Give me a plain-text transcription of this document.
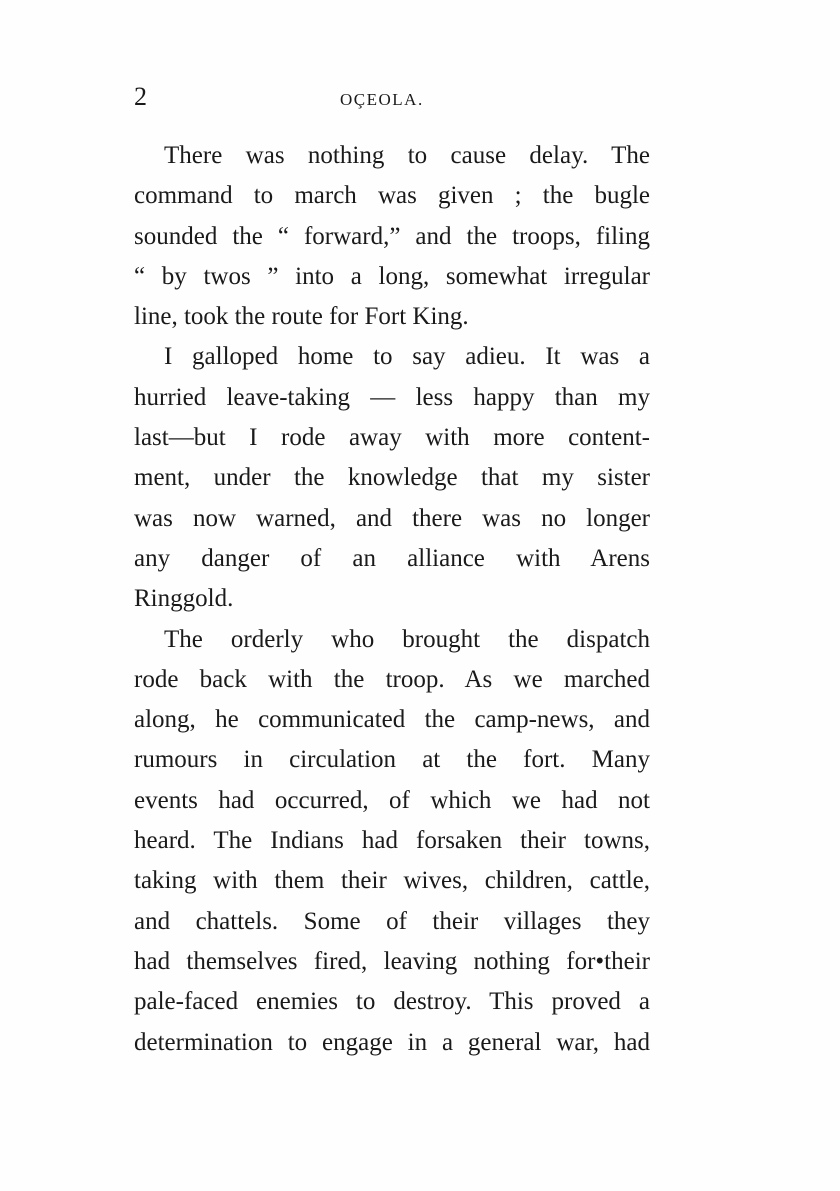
2	OÇEOLA.
There was nothing to cause delay. The
command to march was given ; the bugle
sounded the “ forward,” and the troops, filing
“ by twos ” into a long, somewhat irregular
line, took the route for Fort King.
I galloped home to say adieu. It was a
hurried leave-taking — less happy than my
last—but I rode away with more content-
ment, under the knowledge that my sister
was now warned, and there was no longer
any danger of an alliance with Arens
Ringgold.
The orderly who brought the dispatch
rode back with the troop. As we marched
along, he communicated the camp-news, and
rumours in circulation at the fort. Many
events had occurred, of which we had not
heard. The Indians had forsaken their towns,
taking with them their wives, children, cattle,
and chattels. Some of their villages they
had themselves fired, leaving nothing for•their
pale-faced enemies to destroy. This proved a
determination to engage in a general war, had
